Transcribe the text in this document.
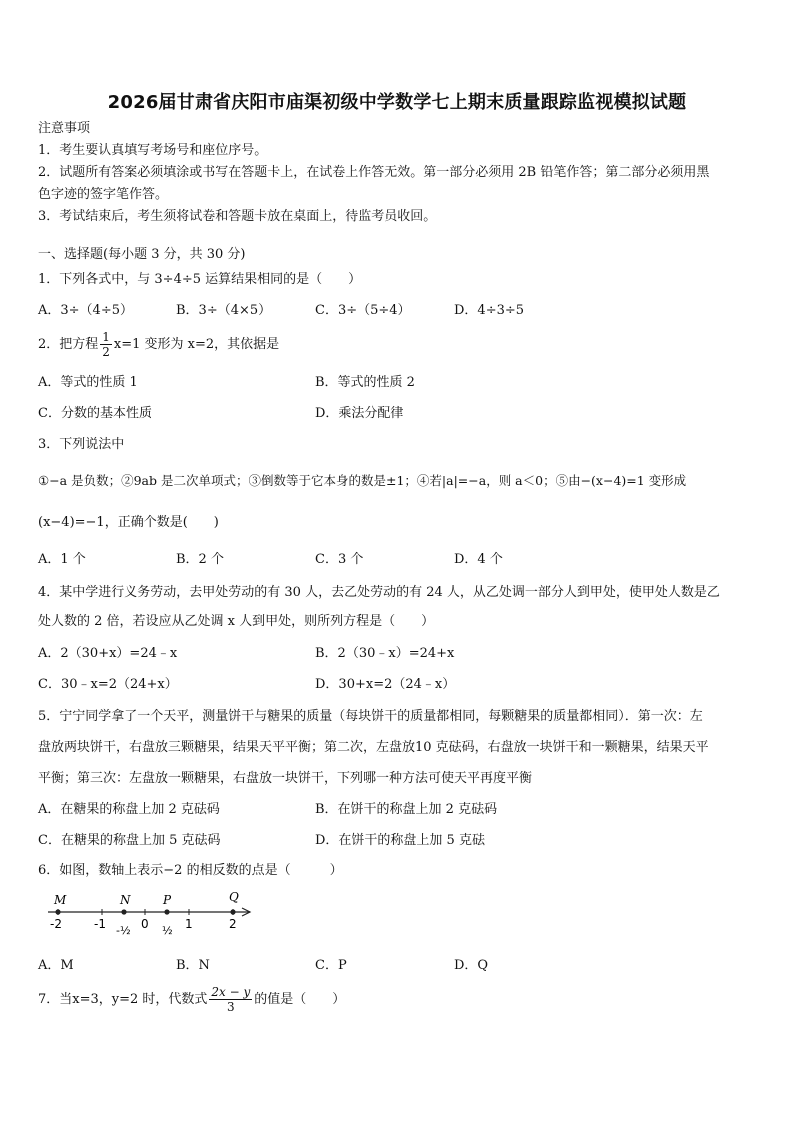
2026届甘肃省庆阳市庙渠初级中学数学七上期末质量跟踪监视模拟试题
注意事项
1．考生要认真填写考场号和座位序号。
2．试题所有答案必须填涂或书写在答题卡上，在试卷上作答无效。第一部分必须用 2B 铅笔作答；第二部分必须用黑
色字迹的签字笔作答。
3．考试结束后，考生须将试卷和答题卡放在桌面上，待监考员收回。
一、选择题(每小题 3 分，共 30 分)
1．下列各式中，与 3÷4÷5 运算结果相同的是（　　）
A．3÷（4÷5）	B．3÷（4×5）	C．3÷（5÷4）	D．4÷3÷5
2．把方程 $\frac{1}{2} x=1$ 变形为 x=2，其依据是
A．等式的性质 1	B．等式的性质 2
C．分数的基本性质	D．乘法分配律
3．下列说法中
①−a 是负数；②9ab 是二次单项式；③倒数等于它本身的数是±1；④若|a|=−a，则 a＜0；⑤由−(x−4)=1 变形成
(x−4)=−1，正确个数是(　　)
A．1 个	B．2 个	C．3 个	D．4 个
4．某中学进行义务劳动，去甲处劳动的有 30 人，去乙处劳动的有 24 人，从乙处调一部分人到甲处，使甲处人数是乙
处人数的 2 倍，若设应从乙处调 x 人到甲处，则所列方程是（　　）
A．2（30+x）=24﹣x	B．2（30﹣x）=24+x
C．30﹣x=2（24+x）	D．30+x=2（24﹣x）
5．宁宁同学拿了一个天平，测量饼干与糖果的质量（每块饼干的质量都相同，每颗糖果的质量都相同）．第一次：左
盘放两块饼干，右盘放三颗糖果，结果天平平衡；第二次，左盘放10 克砝码，右盘放一块饼干和一颗糖果，结果天平
平衡；第三次：左盘放一颗糖果，右盘放一块饼干，下列哪一种方法可使天平再度平衡
A．在糖果的称盘上加 2 克砝码	B．在饼干的称盘上加 2 克砝码
C．在糖果的称盘上加 5 克砝码	D．在饼干的称盘上加 5 克砝
6．如图，数轴上表示−2 的相反数的点是（　　　）
M	N	P	Q
-2	-1	0	1	2
-½	½
A．M	B．N	C．P	D．Q
7．当x=3，y=2 时，代数式 $\frac{2x - y}{3}$ 的值是（　　）
